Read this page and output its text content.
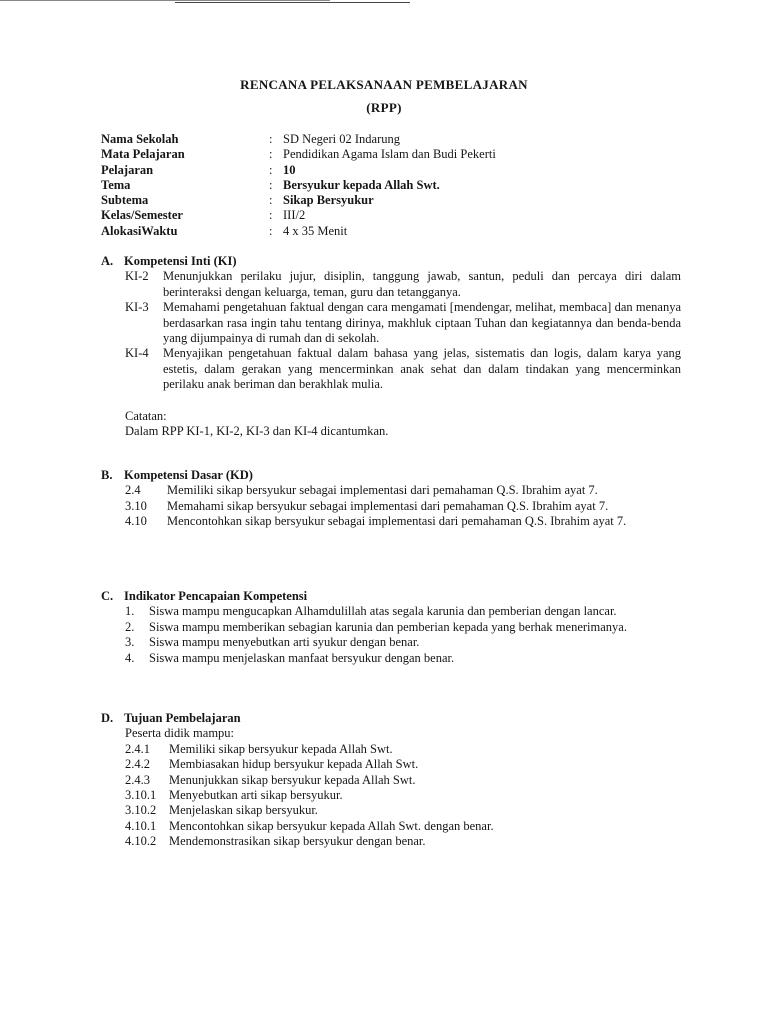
RENCANA PELAKSANAAN PEMBELAJARAN
(RPP)
Nama Sekolah	: SD Negeri 02 Indarung
Mata Pelajaran	: Pendidikan Agama Islam dan Budi Pekerti
Pelajaran	: 10
Tema	: Bersyukur kepada Allah Swt.
Subtema	: Sikap Bersyukur
Kelas/Semester	: III/2
AlokasiWaktu	: 4 x 35 Menit
A. Kompetensi Inti (KI)
KI-2	Menunjukkan perilaku jujur, disiplin, tanggung jawab, santun, peduli dan percaya diri dalam berinteraksi dengan keluarga, teman, guru dan tetangganya.
KI-3	Memahami pengetahuan faktual dengan cara mengamati [mendengar, melihat, membaca] dan menanya berdasarkan rasa ingin tahu tentang dirinya, makhluk ciptaan Tuhan dan kegiatannya dan benda-benda yang dijumpainya di rumah dan di sekolah.
KI-4	Menyajikan pengetahuan faktual dalam bahasa yang jelas, sistematis dan logis, dalam karya yang estetis, dalam gerakan yang mencerminkan anak sehat dan dalam tindakan yang mencerminkan perilaku anak beriman dan berakhlak mulia.
Catatan:
Dalam RPP KI-1, KI-2, KI-3 dan KI-4 dicantumkan.
B. Kompetensi Dasar (KD)
2.4	Memiliki sikap bersyukur sebagai implementasi dari pemahaman Q.S. Ibrahim ayat 7.
3.10	Memahami sikap bersyukur sebagai implementasi dari pemahaman Q.S. Ibrahim ayat 7.
4.10	Mencontohkan sikap bersyukur sebagai implementasi dari pemahaman Q.S. Ibrahim ayat 7.
C. Indikator Pencapaian Kompetensi
1.	Siswa mampu mengucapkan Alhamdulillah atas segala karunia dan pemberian dengan lancar.
2.	Siswa mampu memberikan sebagian karunia dan pemberian kepada yang berhak menerimanya.
3.	Siswa mampu menyebutkan arti syukur dengan benar.
4.	Siswa mampu menjelaskan manfaat bersyukur dengan benar.
D. Tujuan Pembelajaran
Peserta didik mampu:
2.4.1	Memiliki sikap bersyukur kepada Allah Swt.
2.4.2	Membiasakan hidup bersyukur kepada Allah Swt.
2.4.3	Menunjukkan sikap bersyukur kepada Allah Swt.
3.10.1	Menyebutkan arti sikap bersyukur.
3.10.2	Menjelaskan sikap bersyukur.
4.10.1	Mencontohkan sikap bersyukur kepada Allah Swt. dengan benar.
4.10.2	Mendemonstrasikan sikap bersyukur dengan benar.
